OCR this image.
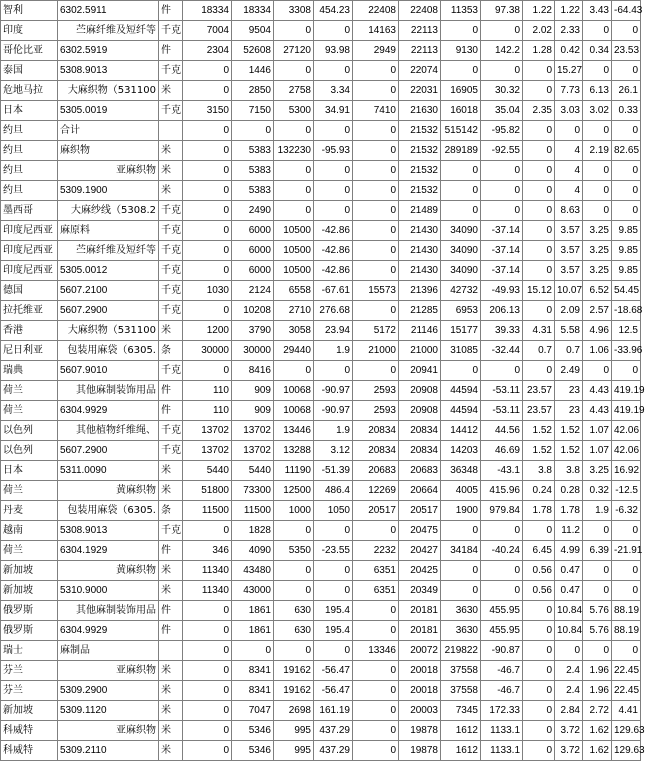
智利	6302.5911	件	18334	18334	3308	454.23	22408	22408	11353	97.38	1.22	1.22	3.43	-64.43
印度	苎麻纤维及短纤等	千克	7004	9504	0	0	14163	22113	0	0	2.02	2.33	0	0
哥伦比亚	6302.5919	件	2304	52608	27120	93.98	2949	22113	9130	142.2	1.28	0.42	0.34	23.53
泰国	5308.9013	千克	0	1446	0	0	0	22074	0	0	0	15.27	0	0
危地马拉	大麻织物（531100	米	0	2850	2758	3.34	0	22031	16905	30.32	0	7.73	6.13	26.1
日本	5305.0019	千克	3150	7150	5300	34.91	7410	21630	16018	35.04	2.35	3.03	3.02	0.33
约旦	合计		0	0	0	0	0	21532	515142	-95.82	0	0	0	0
约旦	麻织物	米	0	5383	132230	-95.93	0	21532	289189	-92.55	0	4	2.19	82.65
约旦	亚麻织物	米	0	5383	0	0	0	21532	0	0	0	4	0	0
约旦	5309.1900	米	0	5383	0	0	0	21532	0	0	0	4	0	0
墨西哥	大麻纱线（5308.2	千克	0	2490	0	0	0	21489	0	0	0	8.63	0	0
印度尼西亚	麻原料	千克	0	6000	10500	-42.86	0	21430	34090	-37.14	0	3.57	3.25	9.85
印度尼西亚	苎麻纤维及短纤等	千克	0	6000	10500	-42.86	0	21430	34090	-37.14	0	3.57	3.25	9.85
印度尼西亚	5305.0012	千克	0	6000	10500	-42.86	0	21430	34090	-37.14	0	3.57	3.25	9.85
德国	5607.2100	千克	1030	2124	6558	-67.61	15573	21396	42732	-49.93	15.12	10.07	6.52	54.45
拉托维亚	5607.2900	千克	0	10208	2710	276.68	0	21285	6953	206.13	0	2.09	2.57	-18.68
香港	大麻织物（531100	米	1200	3790	3058	23.94	5172	21146	15177	39.33	4.31	5.58	4.96	12.5
尼日利亚	包装用麻袋（6305.	条	30000	30000	29440	1.9	21000	21000	31085	-32.44	0.7	0.7	1.06	-33.96
瑞典	5607.9010	千克	0	8416	0	0	0	20941	0	0	0	2.49	0	0
荷兰	其他麻制装饰用品	件	110	909	10068	-90.97	2593	20908	44594	-53.11	23.57	23	4.43	419.19
荷兰	6304.9929	件	110	909	10068	-90.97	2593	20908	44594	-53.11	23.57	23	4.43	419.19
以色列	其他植物纤维绳、	千克	13702	13702	13446	1.9	20834	20834	14412	44.56	1.52	1.52	1.07	42.06
以色列	5607.2900	千克	13702	13702	13288	3.12	20834	20834	14203	46.69	1.52	1.52	1.07	42.06
日本	5311.0090	米	5440	5440	11190	-51.39	20683	20683	36348	-43.1	3.8	3.8	3.25	16.92
荷兰	黄麻织物	米	51800	73300	12500	486.4	12269	20664	4005	415.96	0.24	0.28	0.32	-12.5
丹麦	包装用麻袋（6305.	条	11500	11500	1000	1050	20517	20517	1900	979.84	1.78	1.78	1.9	-6.32
越南	5308.9013	千克	0	1828	0	0	0	20475	0	0	0	11.2	0	0
荷兰	6304.1929	件	346	4090	5350	-23.55	2232	20427	34184	-40.24	6.45	4.99	6.39	-21.91
新加坡	黄麻织物	米	11340	43480	0	0	6351	20425	0	0	0.56	0.47	0	0
新加坡	5310.9000	米	11340	43000	0	0	6351	20349	0	0	0.56	0.47	0	0
俄罗斯	其他麻制装饰用品	件	0	1861	630	195.4	0	20181	3630	455.95	0	10.84	5.76	88.19
俄罗斯	6304.9929	件	0	1861	630	195.4	0	20181	3630	455.95	0	10.84	5.76	88.19
瑞士	麻制品		0	0	0	0	13346	20072	219822	-90.87	0	0	0	0
芬兰	亚麻织物	米	0	8341	19162	-56.47	0	20018	37558	-46.7	0	2.4	1.96	22.45
芬兰	5309.2900	米	0	8341	19162	-56.47	0	20018	37558	-46.7	0	2.4	1.96	22.45
新加坡	5309.1120	米	0	7047	2698	161.19	0	20003	7345	172.33	0	2.84	2.72	4.41
科威特	亚麻织物	米	0	5346	995	437.29	0	19878	1612	1133.1	0	3.72	1.62	129.63
科威特	5309.2110	米	0	5346	995	437.29	0	19878	1612	1133.1	0	3.72	1.62	129.63
